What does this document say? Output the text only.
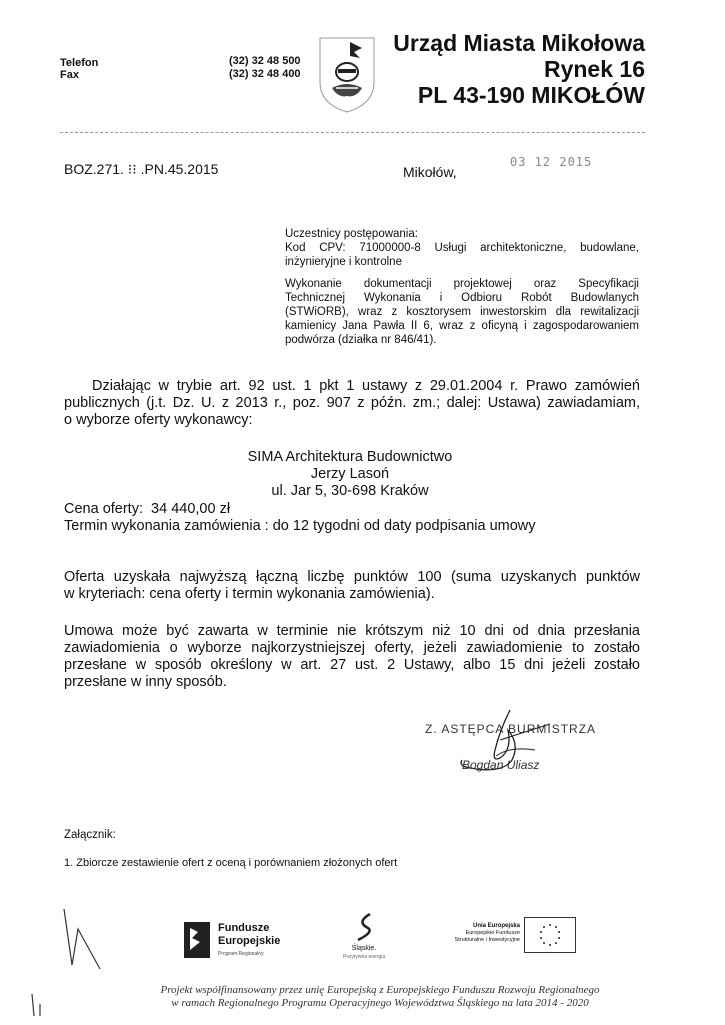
Telefon
Fax
(32) 32 48 500
(32) 32 48 400
Urząd Miasta Mikołowa
Rynek 16
PL 43-190 MIKOŁÓW
BOZ.271. ⁝⁝ .PN.45.2015	Mikołów,
03 12 2015
Uczestnicy postępowania:
Kod CPV: 71000000-8 Usługi architektoniczne, budowlane,
inżynieryjne i kontrolne
Wykonanie dokumentacji projektowej oraz Specyfikacji
Technicznej Wykonania i Odbioru Robót Budowlanych
(STWiORB), wraz z kosztorysem inwestorskim dla rewitalizacji
kamienicy Jana Pawła II 6, wraz z oficyną i zagospodarowaniem
podwórza (działka nr 846/41).
Działając w trybie art. 92 ust. 1 pkt 1 ustawy z 29.01.2004 r. Prawo zamówień
publicznych (j.t. Dz. U. z 2013 r., poz. 907 z późn. zm.; dalej: Ustawa) zawiadamiam,
o wyborze oferty wykonawcy:
SIMA Architektura Budownictwo
Jerzy Lasoń
ul. Jar 5, 30-698 Kraków
Cena oferty:  34 440,00 zł
Termin wykonania zamówienia : do 12 tygodni od daty podpisania umowy
Oferta uzyskała najwyższą łączną liczbę punktów 100 (suma uzyskanych punktów
w kryteriach: cena oferty i termin wykonania zamówienia).
Umowa może być zawarta w terminie nie krótszym niż 10 dni od dnia przesłania
zawiadomienia o wyborze najkorzystniejszej oferty, jeżeli zawiadomienie to zostało
przesłane w sposób określony w art. 27 ust. 2 Ustawy, albo 15 dni jeżeli zostało
przesłane w inny sposób.
Z. ASTĘPCA BURMISTRZA
Bogdan Uliasz
Załącznik:
1. Zbiorcze zestawienie ofert z oceną i porównaniem złożonych ofert
Fundusze
Europejskie
Program Regionalny
Śląskie.
Pozytywna energia
Unia Europejska
Europejskie Fundusze
Strukturalne i Inwestycyjne
Projekt współfinansowany przez unię Europejską z Europejskiego Funduszu Rozwoju Regionalnego
w ramach Regionalnego Programu Operacyjnego Województwa Śląskiego na lata 2014 - 2020
